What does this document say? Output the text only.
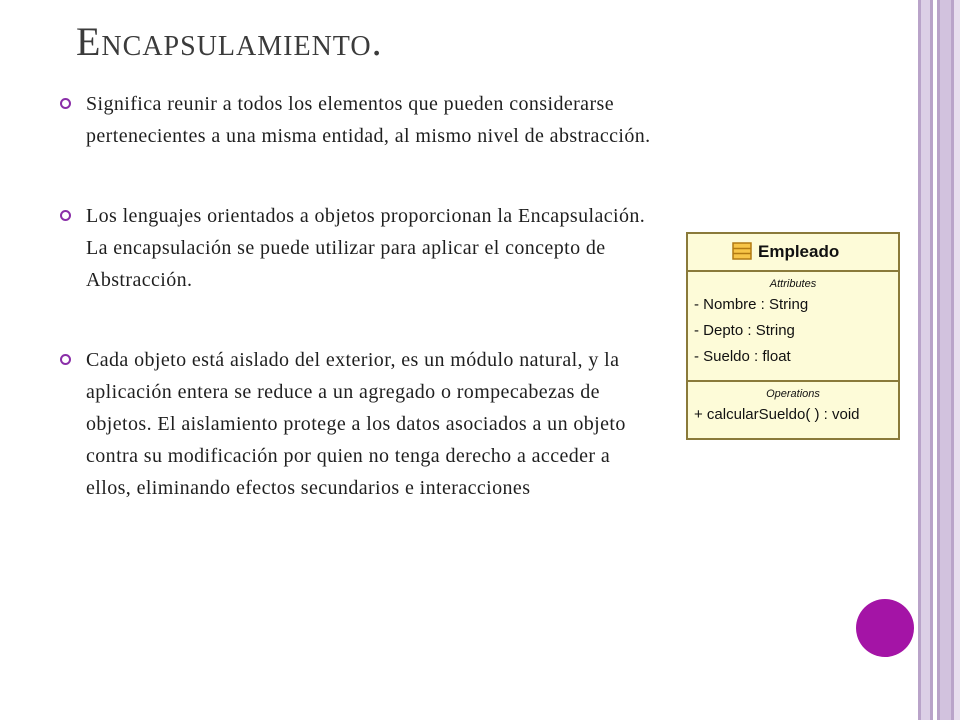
Encapsulamiento.
Significa reunir a todos los elementos que pueden considerarse pertenecientes a una misma entidad, al mismo nivel de abstracción.
Los lenguajes orientados a objetos proporcionan la Encapsulación. La encapsulación se puede utilizar para aplicar el concepto de Abstracción.
Cada objeto está aislado del exterior, es un módulo natural, y la aplicación entera se reduce a un agregado o rompecabezas de objetos. El aislamiento protege a los datos asociados a un objeto contra su modificación por quien no tenga derecho a acceder a ellos, eliminando efectos secundarios e interacciones
Empleado
Attributes
- Nombre : String
- Depto : String
- Sueldo : float
Operations
+ calcularSueldo( ) : void
